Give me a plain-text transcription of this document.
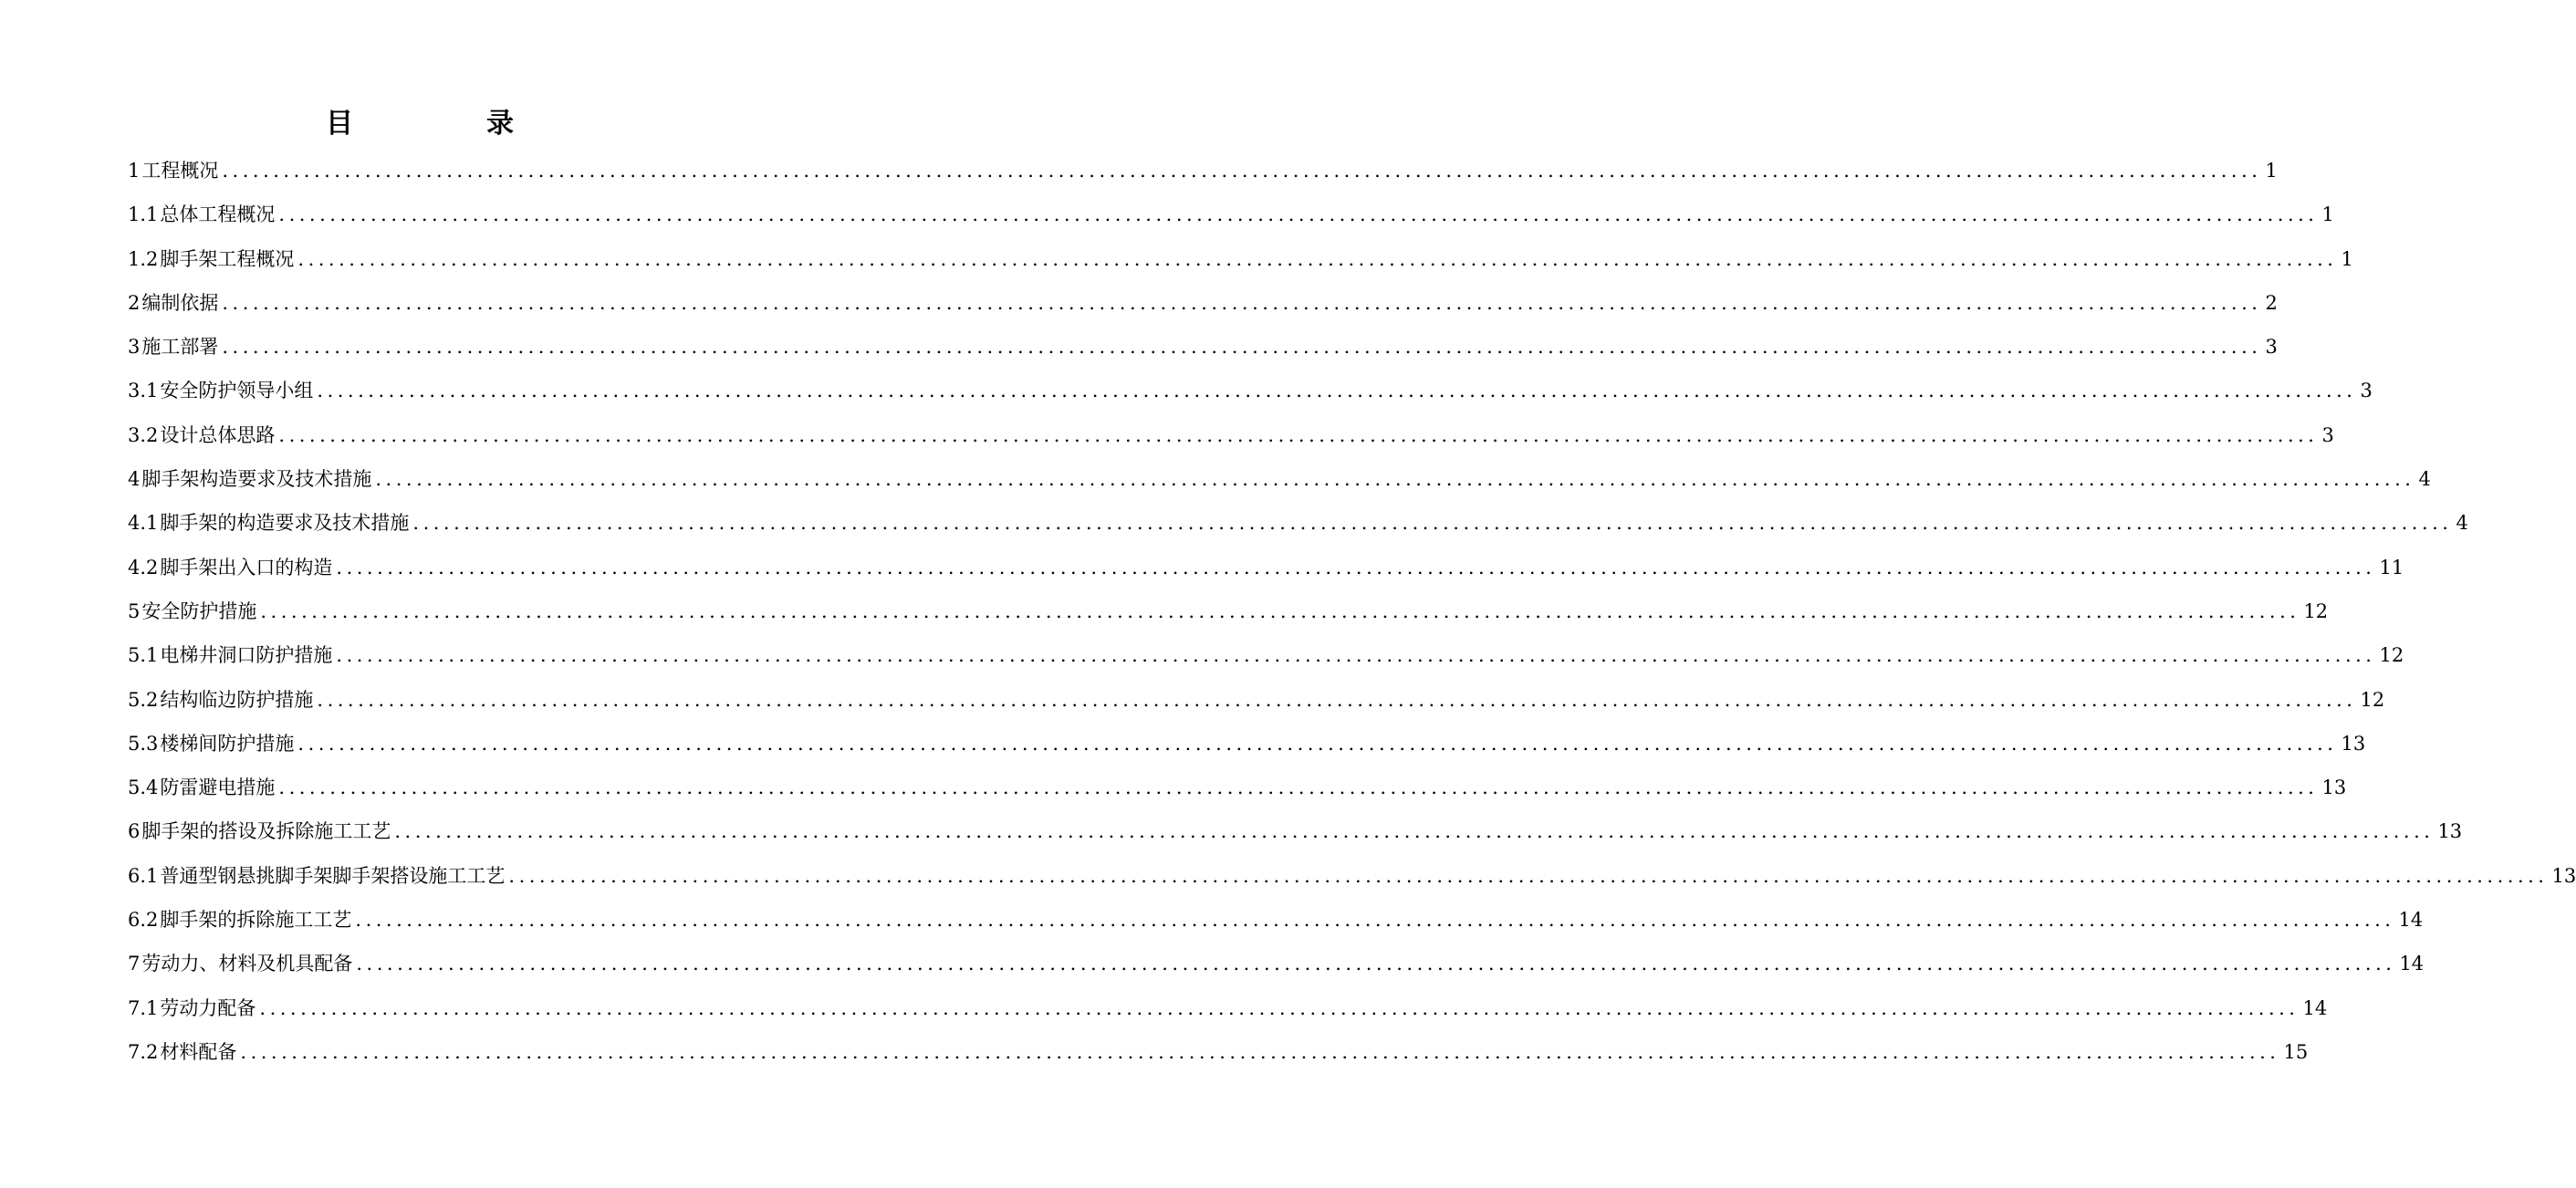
目　录
1 工程概况 ........................................................................................................................................................................................................ 1
1.1 总体工程概况 ........................................................................................................................................................................................................ 1
1.2 脚手架工程概况 ........................................................................................................................................................................................................ 1
2 编制依据 ........................................................................................................................................................................................................ 2
3 施工部署 ........................................................................................................................................................................................................ 3
3.1 安全防护领导小组 ........................................................................................................................................................................................................ 3
3.2 设计总体思路 ........................................................................................................................................................................................................ 3
4 脚手架构造要求及技术措施 ........................................................................................................................................................................................................ 4
4.1 脚手架的构造要求及技术措施 ........................................................................................................................................................................................................ 4
4.2 脚手架出入口的构造 ........................................................................................................................................................................................................ 11
5 安全防护措施 ........................................................................................................................................................................................................ 12
5.1 电梯井洞口防护措施 ........................................................................................................................................................................................................ 12
5.2 结构临边防护措施 ........................................................................................................................................................................................................ 12
5.3 楼梯间防护措施 ........................................................................................................................................................................................................ 13
5.4 防雷避电措施 ........................................................................................................................................................................................................ 13
6 脚手架的搭设及拆除施工工艺 ........................................................................................................................................................................................................ 13
6.1 普通型钢悬挑脚手架脚手架搭设施工工艺 ........................................................................................................................................................................................................ 13
6.2 脚手架的拆除施工工艺 ........................................................................................................................................................................................................ 14
7 劳动力、材料及机具配备 ........................................................................................................................................................................................................ 14
7.1 劳动力配备 ........................................................................................................................................................................................................ 14
7.2 材料配备 ........................................................................................................................................................................................................ 15
